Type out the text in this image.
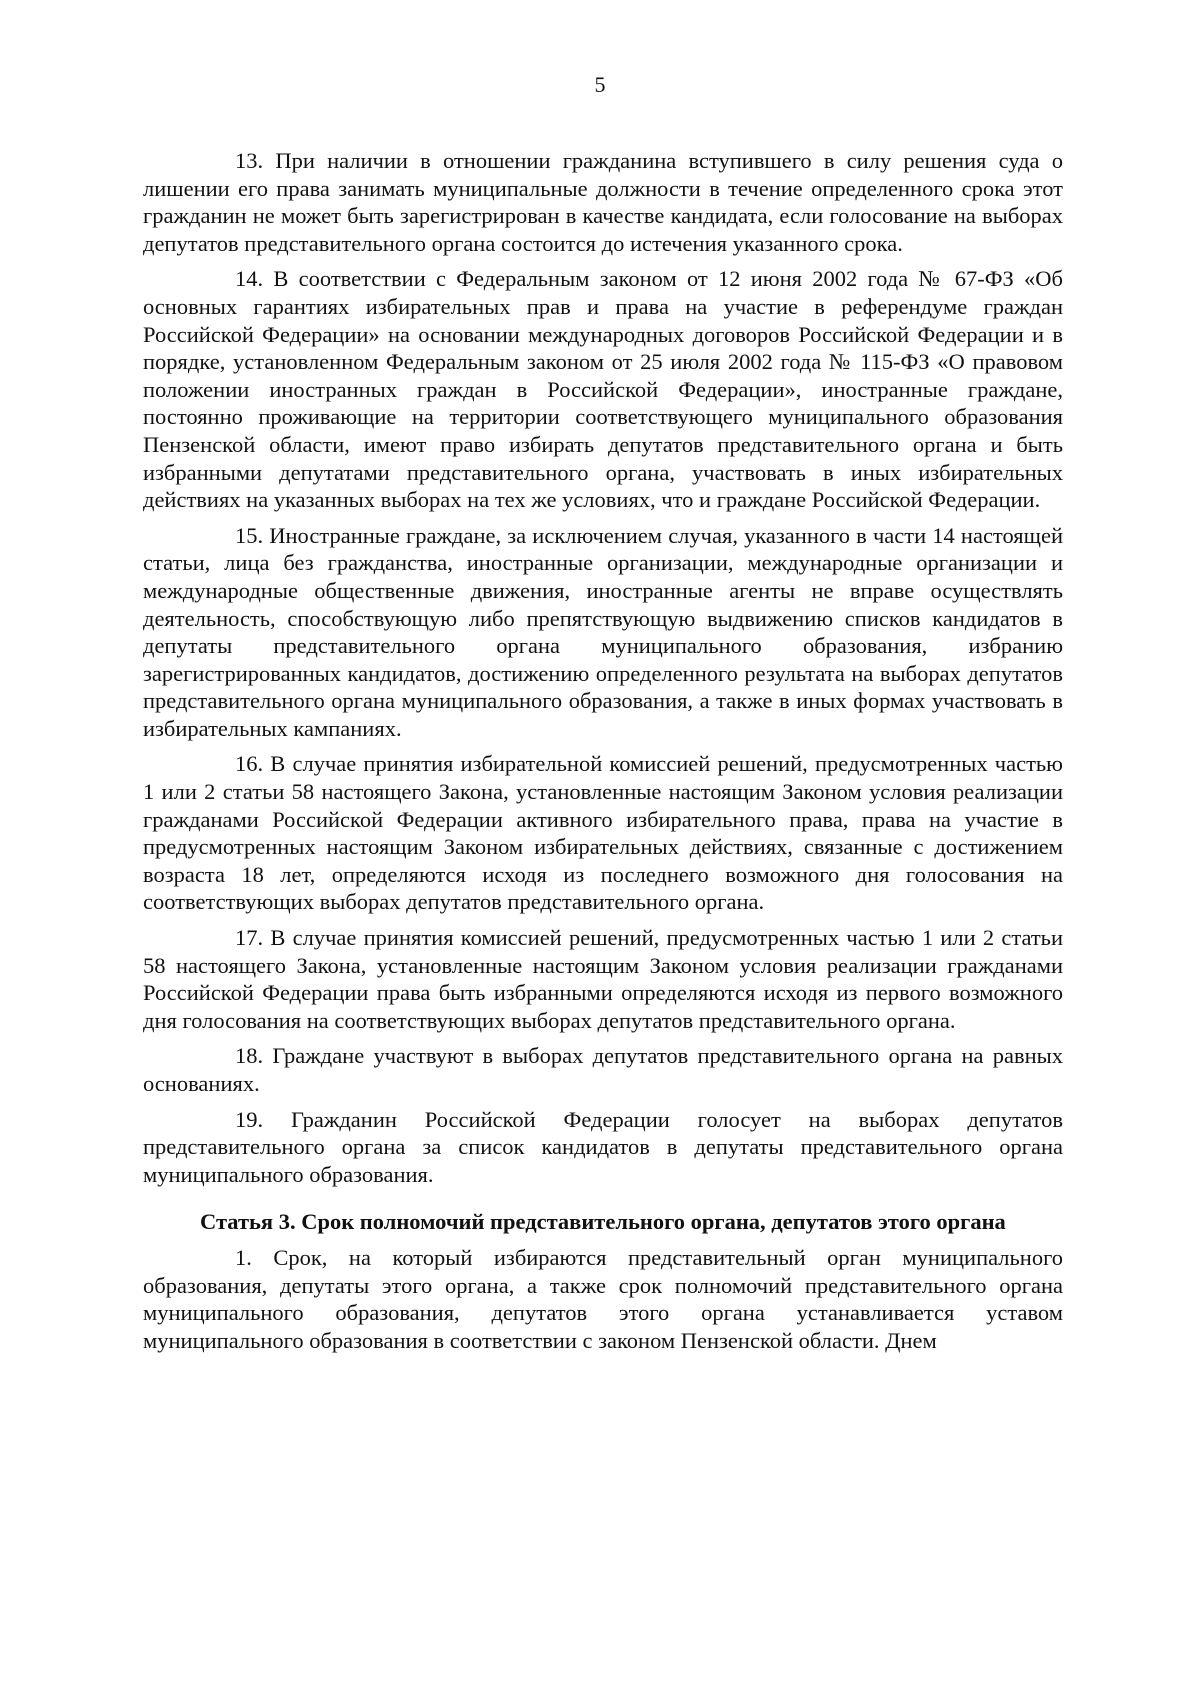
5

13. При наличии в отношении гражданина вступившего в силу решения суда о лишении его права занимать муниципальные должности в течение определенного срока этот гражданин не может быть зарегистрирован в качестве кандидата, если голосование на выборах депутатов представительного органа состоится до истечения указанного срока.

14. В соответствии с Федеральным законом от 12 июня 2002 года № 67-ФЗ «Об основных гарантиях избирательных прав и права на участие в референдуме граждан Российской Федерации» на основании международных договоров Российской Федерации и в порядке, установленном Федеральным законом от 25 июля 2002 года № 115-ФЗ «О правовом положении иностранных граждан в Российской Федерации», иностранные граждане, постоянно проживающие на территории соответствующего муниципального образования Пензенской области, имеют право избирать депутатов представительного органа и быть избранными депутатами представительного органа, участвовать в иных избирательных действиях на указанных выборах на тех же условиях, что и граждане Российской Федерации.

15. Иностранные граждане, за исключением случая, указанного в части 14 настоящей статьи, лица без гражданства, иностранные организации, международные организации и международные общественные движения, иностранные агенты не вправе осуществлять деятельность, способствующую либо препятствующую выдвижению списков кандидатов в депутаты представительного органа муниципального образования, избранию зарегистрированных кандидатов, достижению определенного результата на выборах депутатов представительного органа муниципального образования, а также в иных формах участвовать в избирательных кампаниях.

16. В случае принятия избирательной комиссией решений, предусмотренных частью 1 или 2 статьи 58 настоящего Закона, установленные настоящим Законом условия реализации гражданами Российской Федерации активного избирательного права, права на участие в предусмотренных настоящим Законом избирательных действиях, связанные с достижением возраста 18 лет, определяются исходя из последнего возможного дня голосования на соответствующих выборах депутатов представительного органа.

17. В случае принятия комиссией решений, предусмотренных частью 1 или 2 статьи 58 настоящего Закона, установленные настоящим Законом условия реализации гражданами Российской Федерации права быть избранными определяются исходя из первого возможного дня голосования на соответствующих выборах депутатов представительного органа.

18. Граждане участвуют в выборах депутатов представительного органа на равных основаниях.

19. Гражданин Российской Федерации голосует на выборах депутатов представительного органа за список кандидатов в депутаты представительного органа муниципального образования.

Статья 3. Срок полномочий представительного органа, депутатов этого органа

1. Срок, на который избираются представительный орган муниципального образования, депутаты этого органа, а также срок полномочий представительного органа муниципального образования, депутатов этого органа устанавливается уставом муниципального образования в соответствии с законом Пензенской области. Днем
